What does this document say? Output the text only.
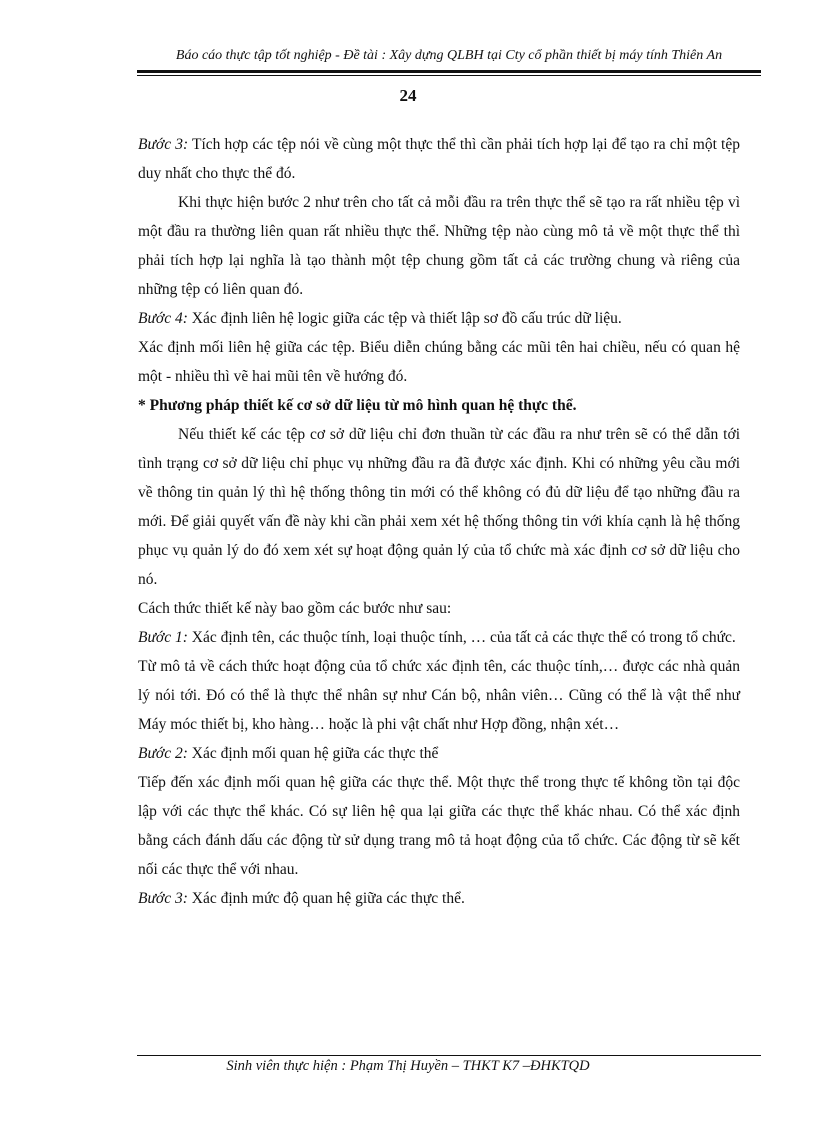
Báo cáo thực tập tốt nghiệp - Đề tài : Xây dựng QLBH tại Cty cổ phần thiết bị máy tính Thiên An
24

Bước 3: Tích hợp các tệp nói về cùng một thực thể thì cần phải tích hợp lại để tạo ra chỉ một tệp duy nhất cho thực thể đó.

Khi thực hiện bước 2 như trên cho tất cả mỗi đầu ra trên thực thể sẽ tạo ra rất nhiều tệp vì một đầu ra thường liên quan rất nhiều thực thể. Những tệp nào cùng mô tả về một thực thể thì phải tích hợp lại nghĩa là tạo thành một tệp chung gồm tất cả các trường chung và riêng của những tệp có liên quan đó.

Bước 4: Xác định liên hệ logic giữa các tệp và thiết lập sơ đồ cấu trúc dữ liệu.

Xác định mối liên hệ giữa các tệp. Biểu diễn chúng bằng các mũi tên hai chiều, nếu có quan hệ một - nhiều thì vẽ hai mũi tên về hướng đó.

* Phương pháp thiết kế cơ sở dữ liệu từ mô hình quan hệ thực thể.

Nếu thiết kế các tệp cơ sở dữ liệu chỉ đơn thuần từ các đầu ra như trên sẽ có thể dẫn tới tình trạng cơ sở dữ liệu chỉ phục vụ những đầu ra đã được xác định. Khi có những yêu cầu mới về thông tin quản lý thì hệ thống thông tin mới có thể không có đủ dữ liệu để tạo những đầu ra mới. Để giải quyết vấn đề này khi cần phải xem xét hệ thống thông tin với khía cạnh là hệ thống phục vụ quản lý do đó xem xét sự hoạt động quản lý của tổ chức mà xác định cơ sở dữ liệu cho nó.

Cách thức thiết kế này bao gồm các bước như sau:

Bước 1: Xác định tên, các thuộc tính, loại thuộc tính, … của tất cả các thực thể có trong tổ chức.

Từ mô tả về cách thức hoạt động của tổ chức xác định tên, các thuộc tính,… được các nhà quản lý nói tới. Đó có thể là thực thể nhân sự như Cán bộ, nhân viên… Cũng có thể là vật thể như Máy móc thiết bị, kho hàng… hoặc là phi vật chất như Hợp đồng, nhận xét…

Bước 2: Xác định mối quan hệ giữa các thực thể

Tiếp đến xác định mối quan hệ giữa các thực thể. Một thực thể trong thực tế không tồn tại độc lập với các thực thể khác. Có sự liên hệ qua lại giữa các thực thể khác nhau. Có thể xác định bằng cách đánh dấu các động từ sử dụng trang mô tả hoạt động của tổ chức. Các động từ sẽ kết nối các thực thể với nhau.

Bước 3: Xác định mức độ quan hệ giữa các thực thể.

Sinh viên thực hiện : Phạm Thị Huyền – THKT K7 –ĐHKTQD
